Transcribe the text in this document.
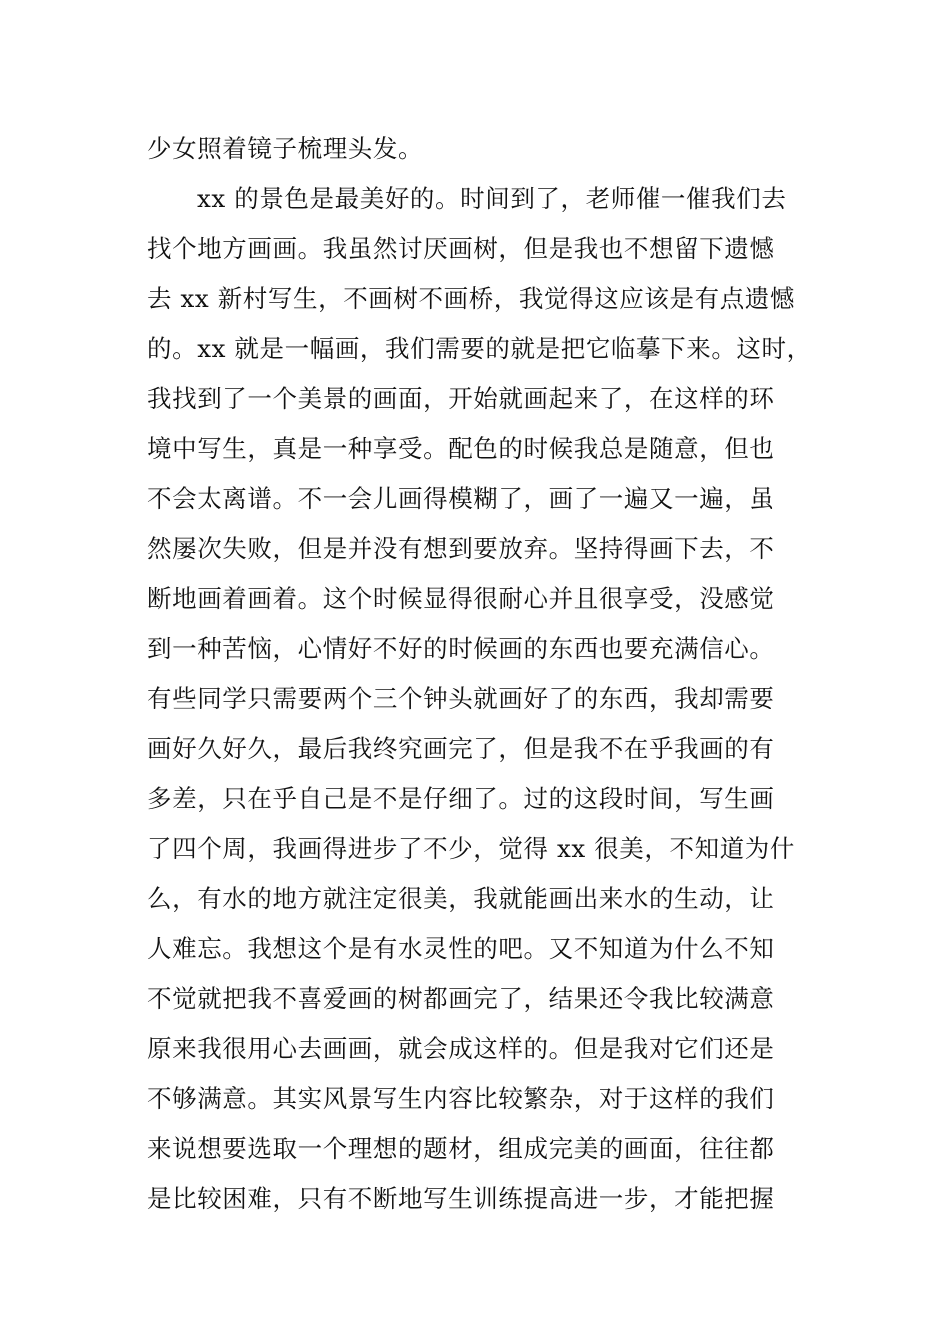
少女照着镜子梳理头发。
xx 的景色是最美好的。时间到了，老师催一催我们去
找个地方画画。我虽然讨厌画树，但是我也不想留下遗憾
去 xx 新村写生，不画树不画桥，我觉得这应该是有点遗憾
的。xx 就是一幅画，我们需要的就是把它临摹下来。这时，
我找到了一个美景的画面，开始就画起来了，在这样的环
境中写生，真是一种享受。配色的时候我总是随意，但也
不会太离谱。不一会儿画得模糊了，画了一遍又一遍，虽
然屡次失败，但是并没有想到要放弃。坚持得画下去，不
断地画着画着。这个时候显得很耐心并且很享受，没感觉
到一种苦恼，心情好不好的时候画的东西也要充满信心。
有些同学只需要两个三个钟头就画好了的东西，我却需要
画好久好久，最后我终究画完了，但是我不在乎我画的有
多差，只在乎自己是不是仔细了。过的这段时间，写生画
了四个周，我画得进步了不少，觉得 xx 很美，不知道为什
么，有水的地方就注定很美，我就能画出来水的生动，让
人难忘。我想这个是有水灵性的吧。又不知道为什么不知
不觉就把我不喜爱画的树都画完了，结果还令我比较满意
原来我很用心去画画，就会成这样的。但是我对它们还是
不够满意。其实风景写生内容比较繁杂，对于这样的我们
来说想要选取一个理想的题材，组成完美的画面，往往都
是比较困难，只有不断地写生训练提高进一步，才能把握
